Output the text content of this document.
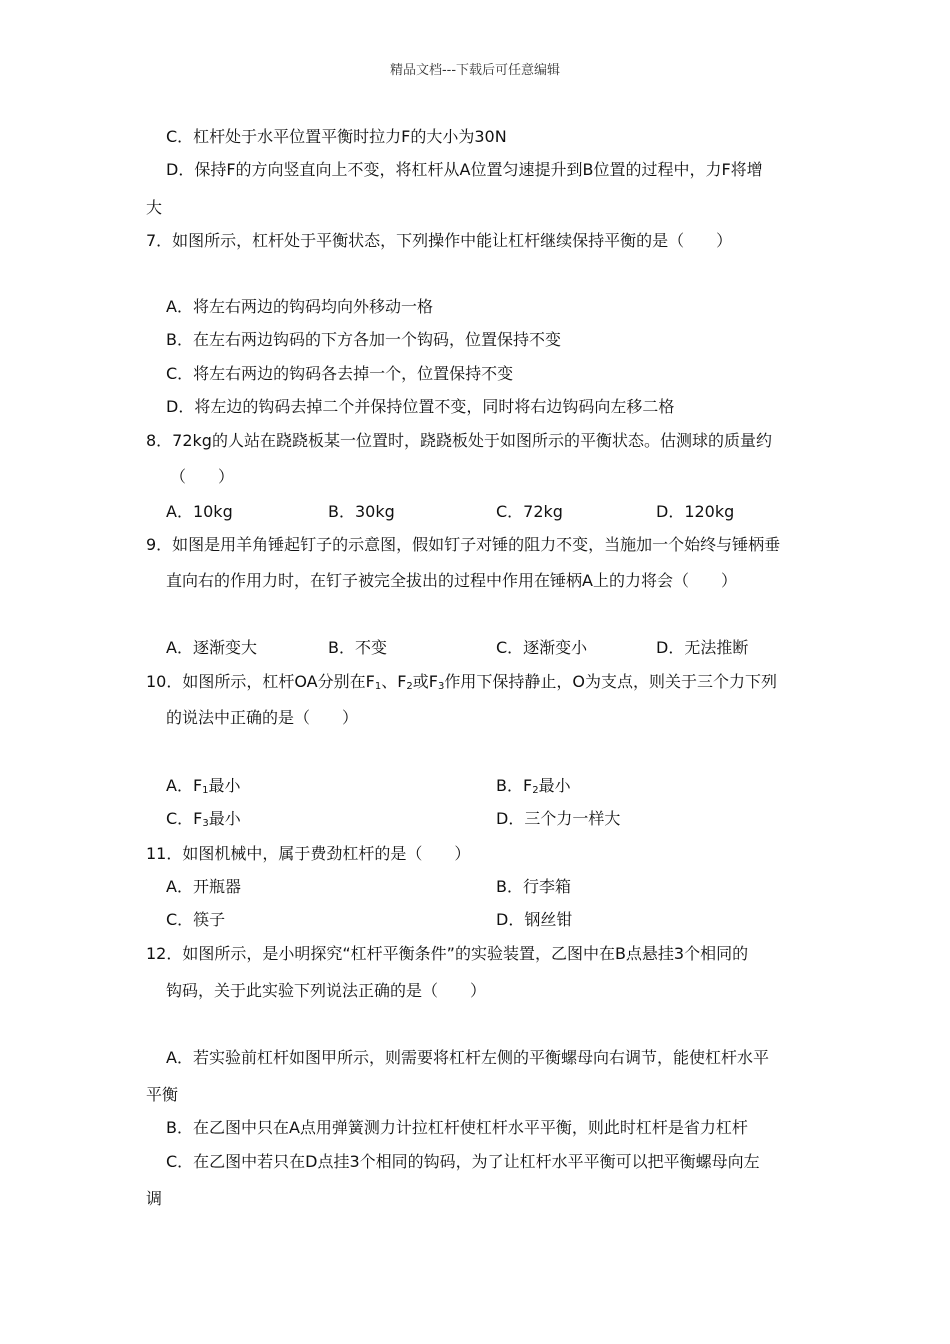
精品文档---下载后可任意编辑
C．杠杆处于水平位置平衡时拉力F的大小为30N
D．保持F的方向竖直向上不变，将杠杆从A位置匀速提升到B位置的过程中，力F将增
大
7．如图所示，杠杆处于平衡状态，下列操作中能让杠杆继续保持平衡的是（　　）
A．将左右两边的钩码均向外移动一格
B．在左右两边钩码的下方各加一个钩码，位置保持不变
C．将左右两边的钩码各去掉一个，位置保持不变
D．将左边的钩码去掉二个并保持位置不变，同时将右边钩码向左移二格
8．72kg的人站在跷跷板某一位置时，跷跷板处于如图所示的平衡状态。估测球的质量约
（　　）
A．10kg	B．30kg	C．72kg	D．120kg
9．如图是用羊角锤起钉子的示意图，假如钉子对锤的阻力不变，当施加一个始终与锤柄垂
直向右的作用力时，在钉子被完全拔出的过程中作用在锤柄A上的力将会（　　）
A．逐渐变大	B．不变	C．逐渐变小	D．无法推断
10．如图所示，杠杆OA分别在$F_1$、$F_2$或$F_3$作用下保持静止，O为支点，则关于三个力下列
的说法中正确的是（　　）
A．$F_1$最小	B．$F_2$最小
C．$F_3$最小	D．三个力一样大
11．如图机械中，属于费劲杠杆的是（　　）
A．开瓶器	B．行李箱
C．筷子	D．钢丝钳
12．如图所示，是小明探究“杠杆平衡条件”的实验装置，乙图中在B点悬挂3个相同的
钩码，关于此实验下列说法正确的是（　　）
A．若实验前杠杆如图甲所示，则需要将杠杆左侧的平衡螺母向右调节，能使杠杆水平
平衡
B．在乙图中只在A点用弹簧测力计拉杠杆使杠杆水平平衡，则此时杠杆是省力杠杆
C．在乙图中若只在D点挂3个相同的钩码，为了让杠杆水平平衡可以把平衡螺母向左
调
